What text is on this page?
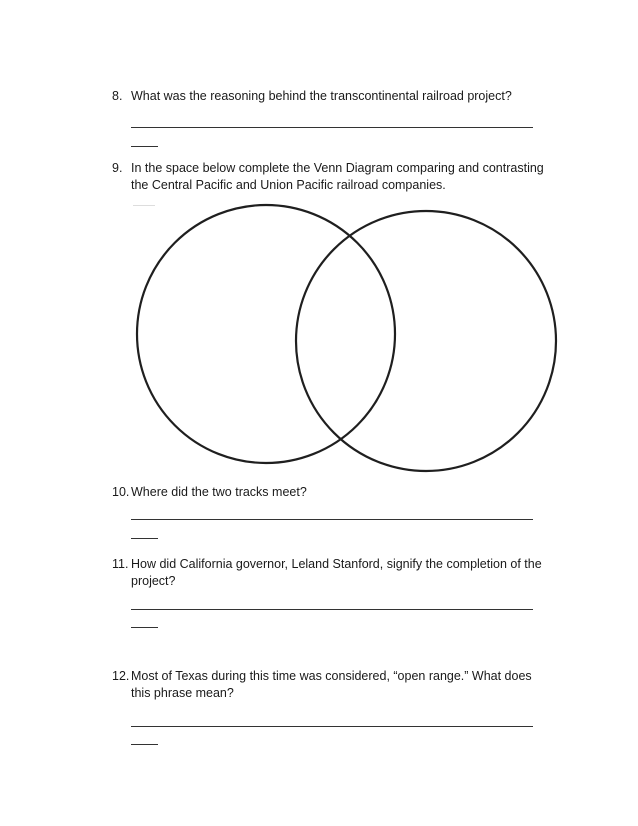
8. What was the reasoning behind the transcontinental railroad project?
9. In the space below complete the Venn Diagram comparing and contrasting the Central Pacific and Union Pacific railroad companies.
10. Where did the two tracks meet?
11. How did California governor, Leland Stanford, signify the completion of the project?
12. Most of Texas during this time was considered, “open range.” What does this phrase mean?
